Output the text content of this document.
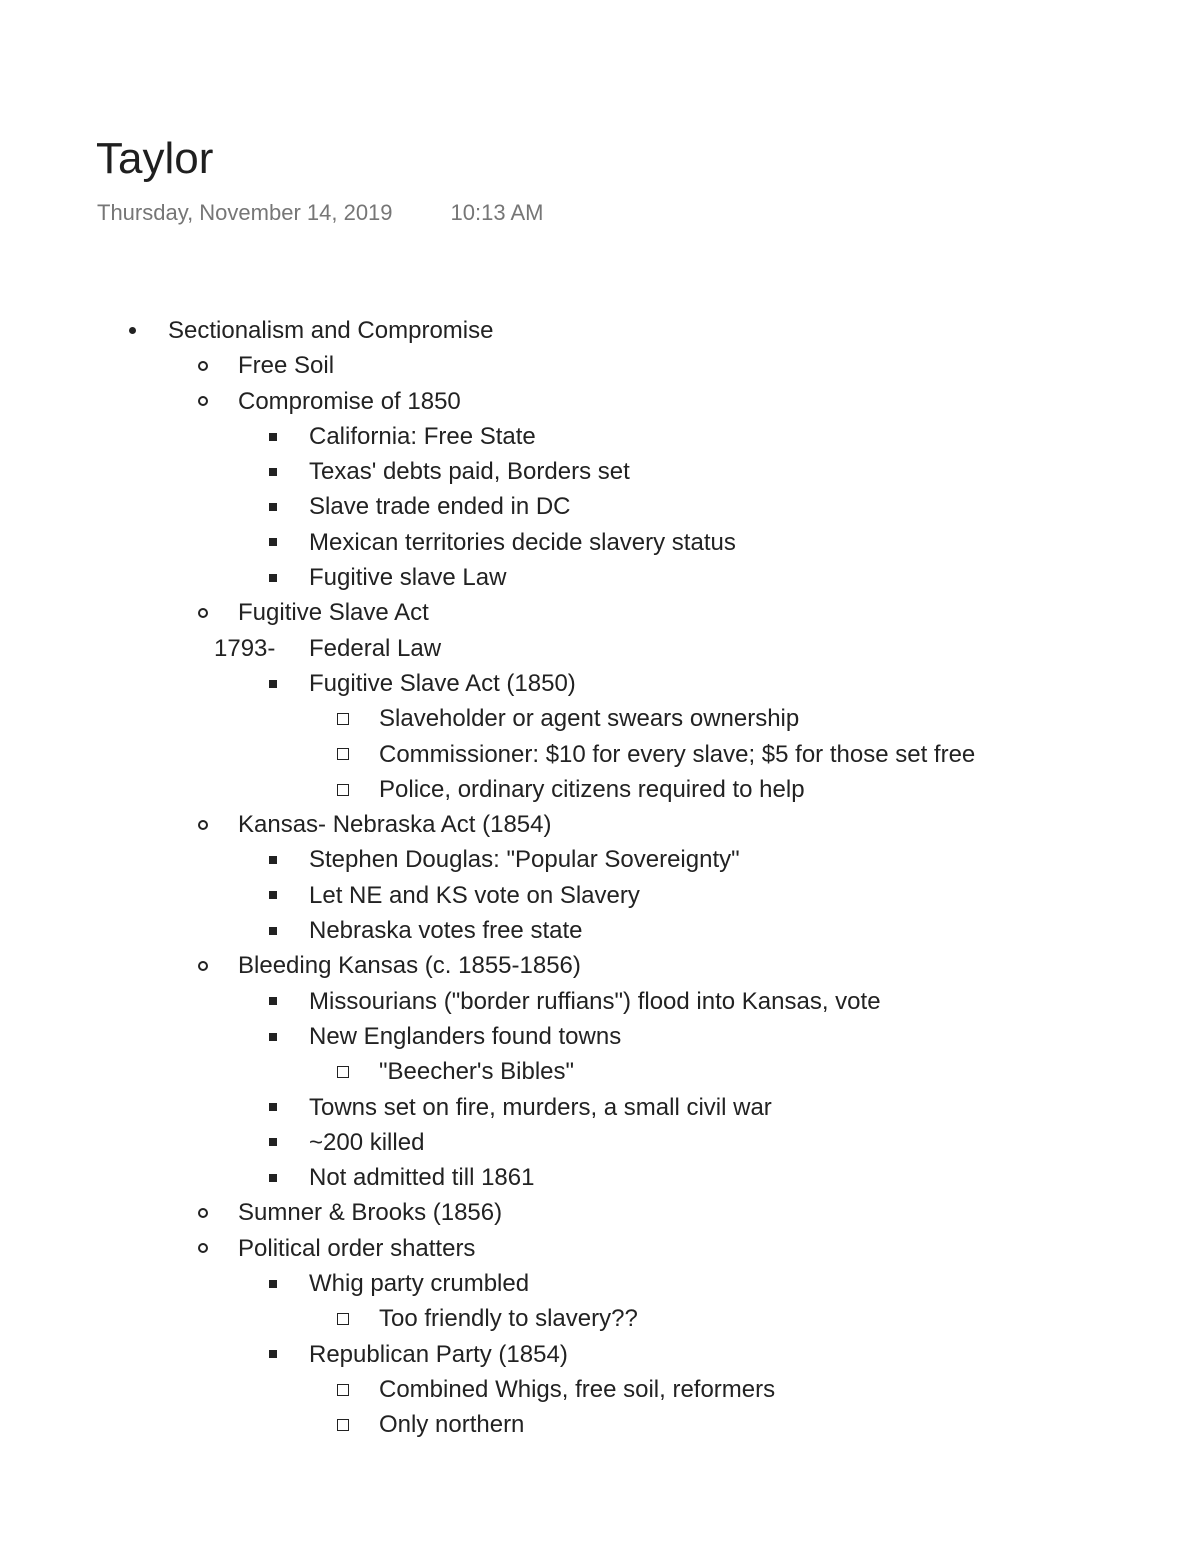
Taylor
Thursday, November 14, 2019	10:13 AM
Sectionalism and Compromise
Free Soil
Compromise of 1850
California: Free State
Texas' debts paid, Borders set
Slave trade ended in DC
Mexican territories decide slavery status
Fugitive slave Law
Fugitive Slave Act
1793- Federal Law
Fugitive Slave Act (1850)
Slaveholder or agent swears ownership
Commissioner: $10 for every slave; $5 for those set free
Police, ordinary citizens required to help
Kansas- Nebraska Act (1854)
Stephen Douglas: "Popular Sovereignty"
Let NE and KS vote on Slavery
Nebraska votes free state
Bleeding Kansas (c. 1855-1856)
Missourians ("border ruffians") flood into Kansas, vote
New Englanders found towns
"Beecher's Bibles"
Towns set on fire, murders, a small civil war
~200 killed
Not admitted till 1861
Sumner & Brooks (1856)
Political order shatters
Whig party crumbled
Too friendly to slavery??
Republican Party (1854)
Combined Whigs, free soil, reformers
Only northern
